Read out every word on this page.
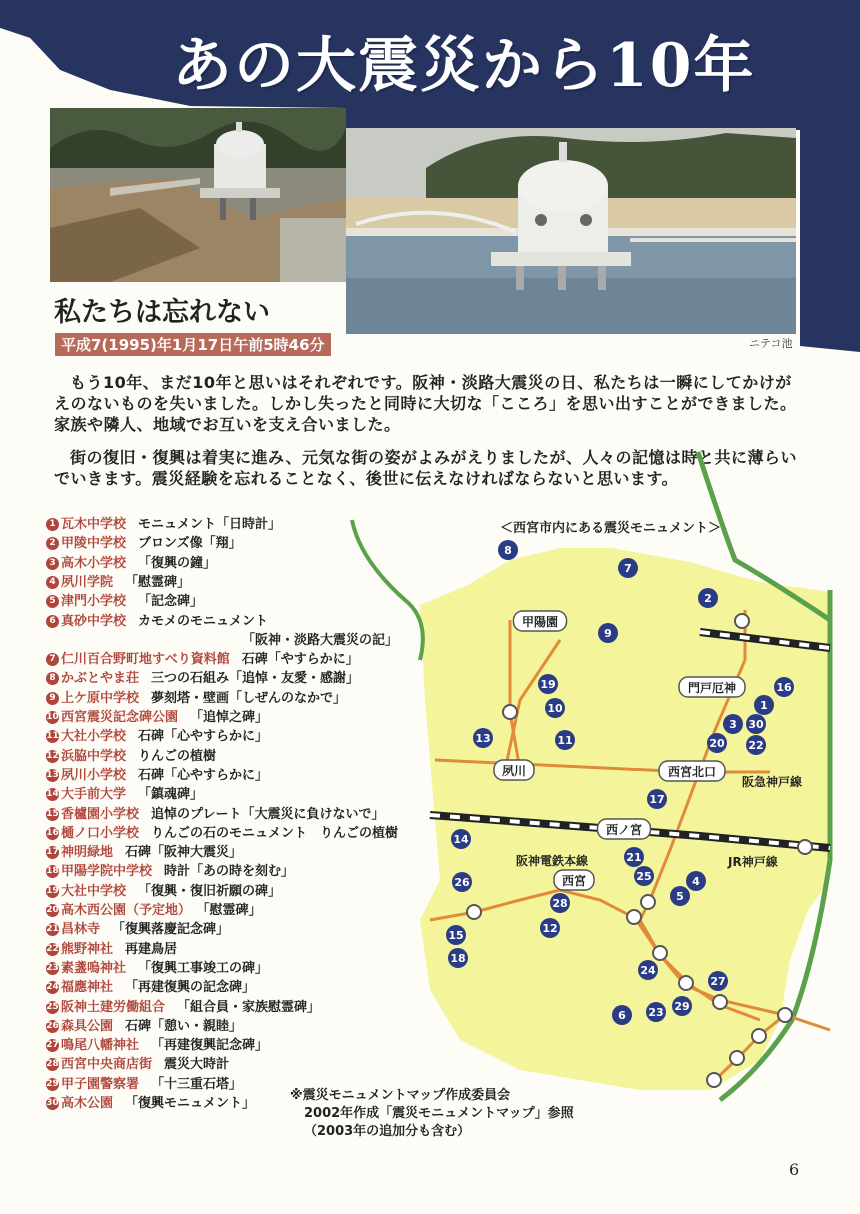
あの大震災から10年
私たちは忘れない
平成7(1995)年1月17日午前5時46分	ニテコ池
もう10年、まだ10年と思いはそれぞれです。阪神・淡路大震災の日、私たちは一瞬にしてかけがえのないものを失いました。しかし失ったと同時に大切な「こころ」を思い出すことができました。家族や隣人、地域でお互いを支え合いました。
街の復旧・復興は着実に進み、元気な街の姿がよみがえりましたが、人々の記憶は時と共に薄らいでいきます。震災経験を忘れることなく、後世に伝えなければならないと思います。
甲陽園
門戸厄神
夙川	西宮北口
西ノ宮
西宮
阪急神戸線
阪神電鉄本線	JR神戸線
8
7
2
9
19	16
1
10
11
13
3 30
20 22
17
14
21
4
25
5
26
28
12
15
18
24
27
29
23
6
＜西宮市内にある震災モニュメント＞
1 瓦木中学校 モニュメント「日時計」
2 甲陵中学校 ブロンズ像「翔」
3 高木小学校 「復興の鐘」
4 夙川学院 「慰霊碑」
5 津門小学校 「記念碑」
6 真砂中学校 カモメのモニュメント
「阪神・淡路大震災の記」
7 仁川百合野町地すべり資料館 石碑「やすらかに」
8 かぶとやま荘 三つの石組み「追悼・友愛・感謝」
9 上ケ原中学校 夢刻塔・壁画「しぜんのなかで」
10 西宮震災記念碑公園 「追悼之碑」
11 大社小学校 石碑「心やすらかに」
12 浜脇中学校 りんごの植樹
13 夙川小学校 石碑「心やすらかに」
14 大手前大学 「鎮魂碑」
15 香櫨園小学校 追悼のプレート「大震災に負けないで」
16 樋ノ口小学校 りんごの石のモニュメント　りんごの植樹
17 神明緑地 石碑「阪神大震災」
18 甲陽学院中学校 時計「あの時を刻む」
19 大社中学校 「復興・復旧祈願の碑」
20 高木西公園（予定地） 「慰霊碑」
21 昌林寺 「復興落慶記念碑」
22 熊野神社 再建鳥居
23 素盞嗚神社 「復興工事竣工の碑」
24 福應神社 「再建復興の記念碑」
25 阪神土建労働組合 「組合員・家族慰霊碑」
26 森具公園 石碑「憩い・親睦」
27 鳴尾八幡神社 「再建復興記念碑」
28 西宮中央商店街 震災大時計
29 甲子園警察署 「十三重石塔」
30 高木公園 「復興モニュメント」
※震災モニュメントマップ作成委員会
2002年作成「震災モニュメントマップ」参照
（2003年の追加分も含む）
6
